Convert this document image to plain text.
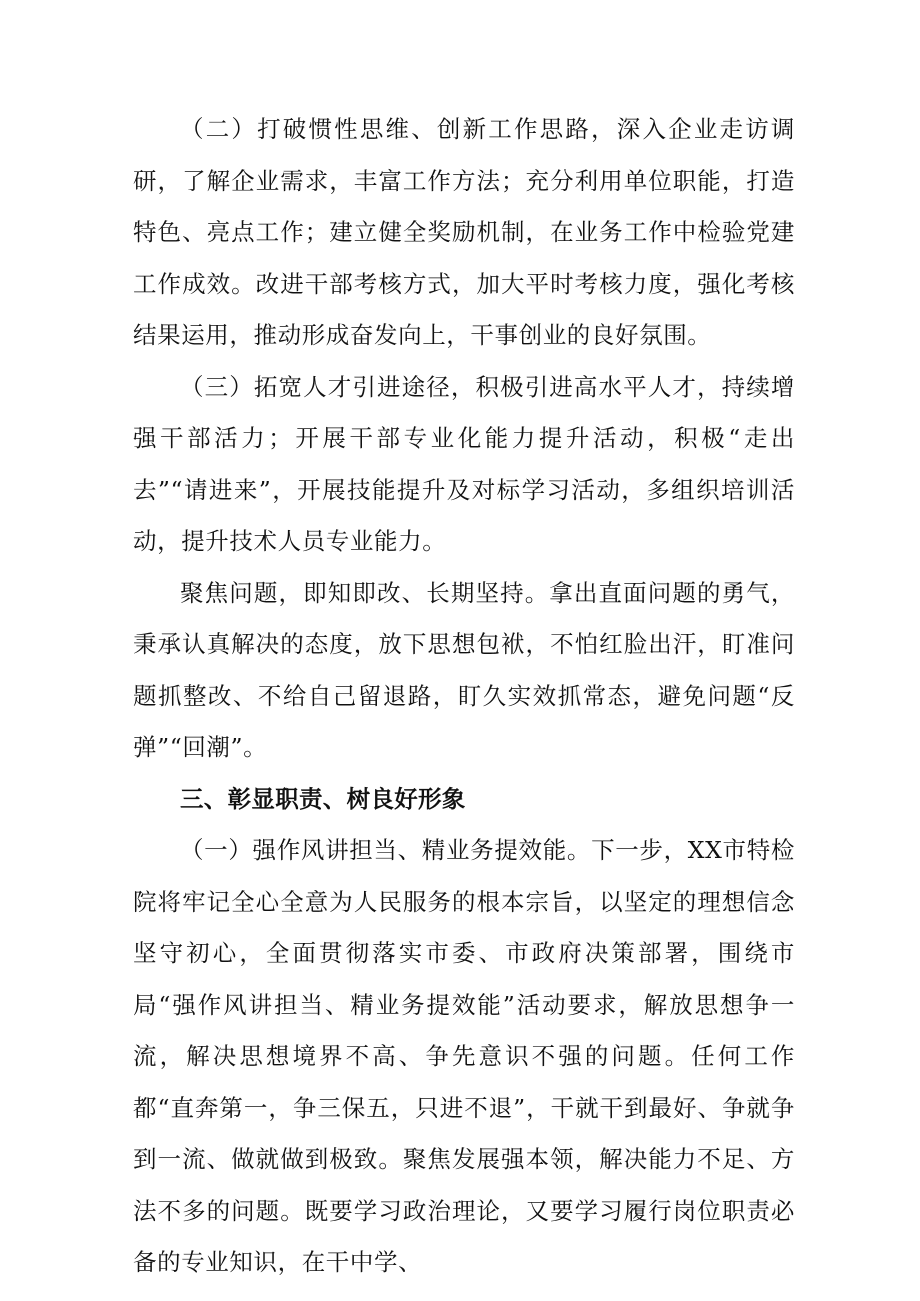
（二）打破惯性思维、创新工作思路，深入企业走访调研，了解企业需求，丰富工作方法；充分利用单位职能，打造特色、亮点工作；建立健全奖励机制，在业务工作中检验党建工作成效。改进干部考核方式，加大平时考核力度，强化考核结果运用，推动形成奋发向上，干事创业的良好氛围。

（三）拓宽人才引进途径，积极引进高水平人才，持续增强干部活力；开展干部专业化能力提升活动，积极“走出去”“请进来”，开展技能提升及对标学习活动，多组织培训活动，提升技术人员专业能力。

聚焦问题，即知即改、长期坚持。拿出直面问题的勇气，秉承认真解决的态度，放下思想包袱，不怕红脸出汗，盯准问题抓整改、不给自己留退路，盯久实效抓常态，避免问题“反弹”“回潮”。

三、彰显职责、树良好形象

（一）强作风讲担当、精业务提效能。下一步，XX市特检院将牢记全心全意为人民服务的根本宗旨，以坚定的理想信念坚守初心，全面贯彻落实市委、市政府决策部署，围绕市局“强作风讲担当、精业务提效能”活动要求，解放思想争一流，解决思想境界不高、争先意识不强的问题。任何工作都“直奔第一，争三保五，只进不退”，干就干到最好、争就争到一流、做就做到极致。聚焦发展强本领，解决能力不足、方法不多的问题。既要学习政治理论，又要学习履行岗位职责必备的专业知识，在干中学、
